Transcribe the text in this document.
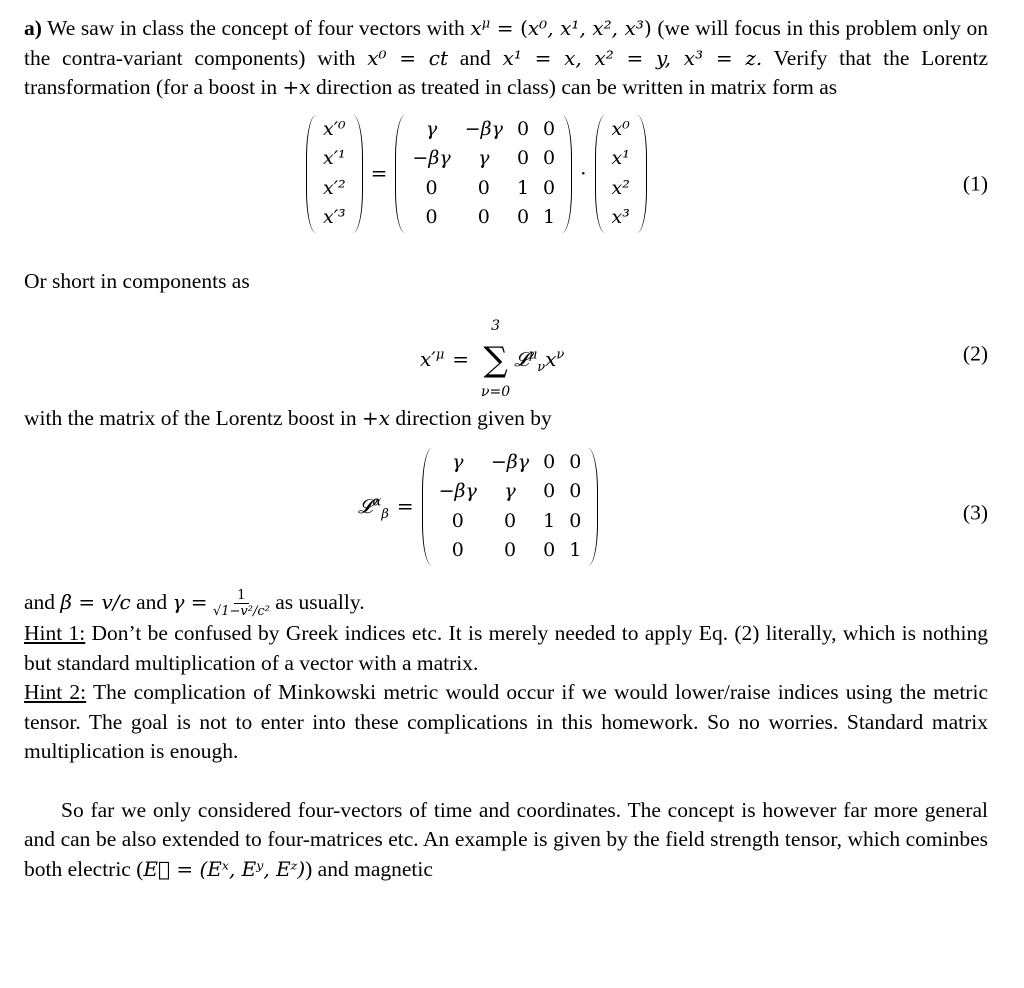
a) We saw in class the concept of four vectors with $x^\mu = (x^0$, x¹, x², x³) (we will focus in this problem only on the contra-variant components) with x⁰ = ct and x¹ = x, x² = y, x³ = z. Verify that the Lorentz transformation (for a boost in +x direction as treated in class) can be written in matrix form as

x′⁰
x′¹
x′²
x′³
=
γ	−βγ	0	0
−βγ	γ	0	0
0	0	1	0
0	0	0	1
·
x⁰
x¹
x²
x³
(1)

Or short in components as

$x'^\mu$ =
3
∑
ν=0
$𝓛^\mu_\nu x^\nu$	(2)

with the matrix of the Lorentz boost in +x direction given by

𝓛$^\alpha_\beta$ =
γ	−βγ	0	0
−βγ	γ	0	0
0	0	1	0
0	0	0	1
(3)

and β = v/c and $\gamma = \frac{1}{\text{√1−v²/c²}}$ as usually.

Hint 1: Don’t be confused by Greek indices etc. It is merely needed to apply Eq. (2) literally, which is nothing but standard multiplication of a vector with a matrix.

Hint 2: The complication of Minkowski metric would occur if we would lower/raise indices using the metric tensor. The goal is not to enter into these complications in this homework. So no worries. Standard matrix multiplication is enough.

So far we only considered four-vectors of time and coordinates. The concept is however far more general and can be also extended to four-matrices etc. An example is given by the field strength tensor, which cominbes both electric (E⃗ = (Eˣ, Eʸ, Eᶻ)) and magnetic
